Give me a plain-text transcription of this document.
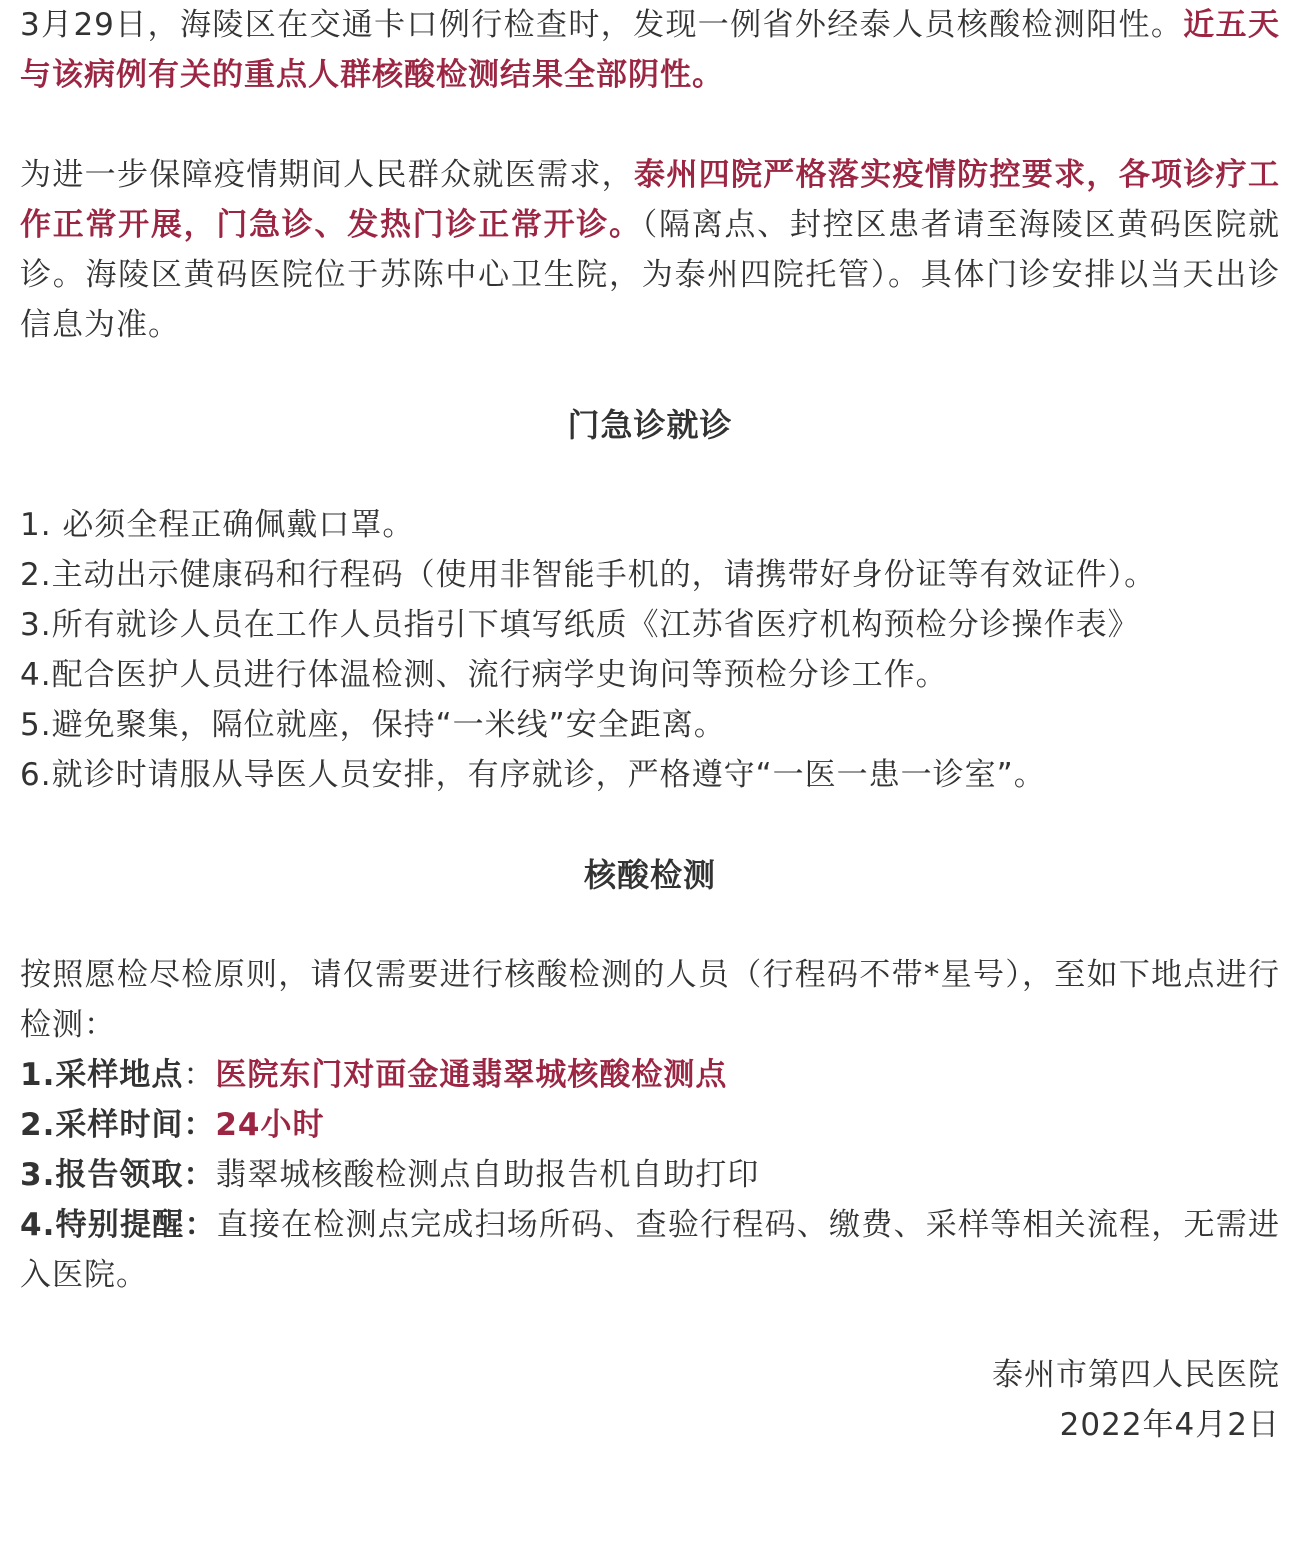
3月29日，海陵区在交通卡口例行检查时，发现一例省外经泰人员核酸检测阳性。近五天与该病例有关的重点人群核酸检测结果全部阴性。

为进一步保障疫情期间人民群众就医需求，泰州四院严格落实疫情防控要求，各项诊疗工作正常开展，门急诊、发热门诊正常开诊。（隔离点、封控区患者请至海陵区黄码医院就诊。海陵区黄码医院位于苏陈中心卫生院，为泰州四院托管）。具体门诊安排以当天出诊信息为准。

门急诊就诊

1. 必须全程正确佩戴口罩。

2.主动出示健康码和行程码（使用非智能手机的，请携带好身份证等有效证件）。

3.所有就诊人员在工作人员指引下填写纸质《江苏省医疗机构预检分诊操作表》

4.配合医护人员进行体温检测、流行病学史询问等预检分诊工作。

5.避免聚集，隔位就座，保持“一米线”安全距离。

6.就诊时请服从导医人员安排，有序就诊，严格遵守“一医一患一诊室”。

核酸检测

按照愿检尽检原则，请仅需要进行核酸检测的人员（行程码不带*星号），至如下地点进行检测：

1.采样地点：医院东门对面金通翡翠城核酸检测点

2.采样时间：24小时

3.报告领取：翡翠城核酸检测点自助报告机自助打印

4.特别提醒：直接在检测点完成扫场所码、查验行程码、缴费、采样等相关流程，无需进入医院。

泰州市第四人民医院

2022年4月2日
